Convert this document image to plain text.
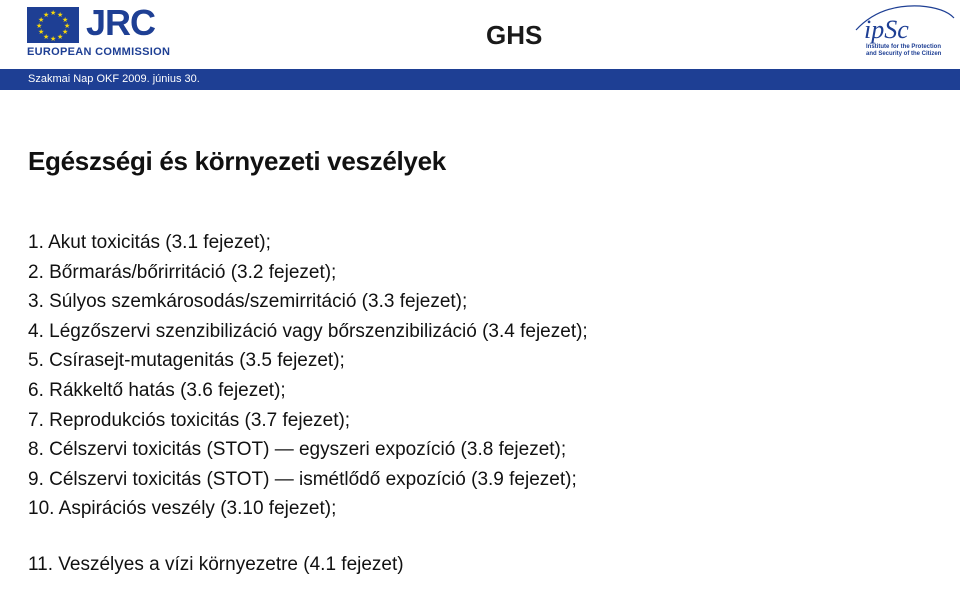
★ ★
★
★
★
★
★
★
★
★
★
★ JRC
EUROPEAN COMMISSION
GHS	ipSc
Institute for the Protection
and Security of the Citizen
Szakmai Nap OKF 2009. június 30.
Egészségi és környezeti veszélyek
1. Akut toxicitás (3.1 fejezet);
2. Bőrmarás/bőrirritáció (3.2 fejezet);
3. Súlyos szemkárosodás/szemirritáció (3.3 fejezet);
4. Légzőszervi szenzibilizáció vagy bőrszenzibilizáció (3.4 fejezet);
5. Csírasejt-mutagenitás (3.5 fejezet);
6. Rákkeltő hatás (3.6 fejezet);
7. Reprodukciós toxicitás (3.7 fejezet);
8. Célszervi toxicitás (STOT) — egyszeri expozíció (3.8 fejezet);
9. Célszervi toxicitás (STOT) — ismétlődő expozíció (3.9 fejezet);
10. Aspirációs veszély (3.10 fejezet);
11. Veszélyes a vízi környezetre (4.1 fejezet)
